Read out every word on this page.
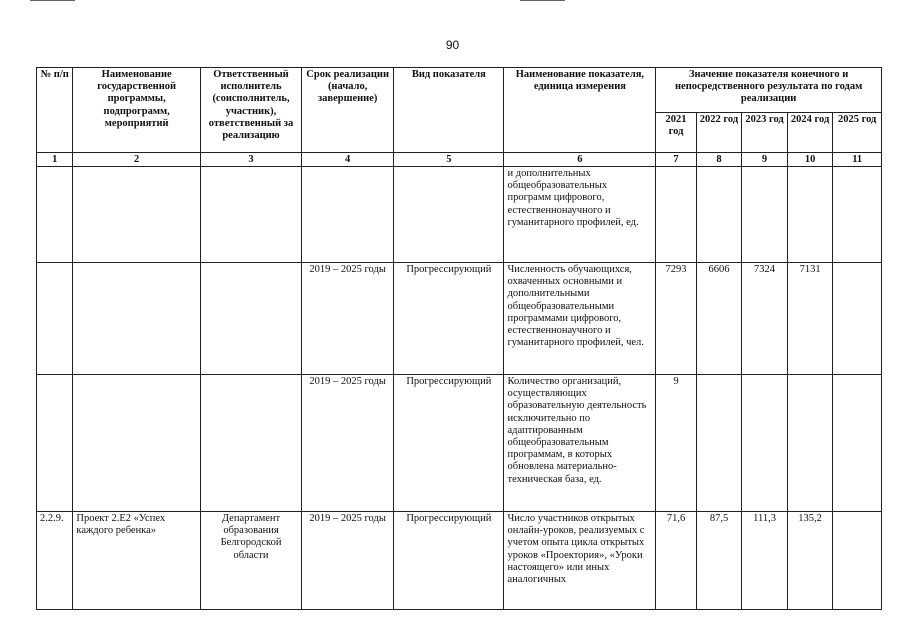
90
№ п/п	Наименование государственной программы, подпрограмм, мероприятий	Ответственный исполнитель (соисполнитель, участник), ответственный за реализацию	Срок реализации (начало, завершение)	Вид показателя	Наименование показателя, единица измерения	Значение показателя конечного и непосредственного результата по годам реализации				
						2021 год	2022 год	2023 год	2024 год	2025 год
1	2	3	4	5	6	7	8	9	10	11
					и дополнительных общеобразовательных программ цифрового, естественнонаучного и гуманитарного профилей, ед.					
			2019 – 2025 годы	Прогрессирующий	Численность обучающихся, охваченных основными и дополнительными общеобразовательными программами цифрового, естественнонаучного и гуманитарного профилей, чел.	7293	6606	7324	7131	
			2019 – 2025 годы	Прогрессирующий	Количество организаций, осуществляющих образовательную деятельность исключительно по адаптированным общеобразовательным программам, в которых обновлена материально-техническая база, ед.	9				
2.2.9.	Проект 2.Е2 «Успех каждого ребенка»	Департамент образования Белгородской области	2019 – 2025 годы	Прогрессирующий	Число участников открытых онлайн-уроков, реализуемых с учетом опыта цикла открытых уроков «Проектория», «Уроки настоящего» или иных аналогичных	71,6	87,5	111,3	135,2	
